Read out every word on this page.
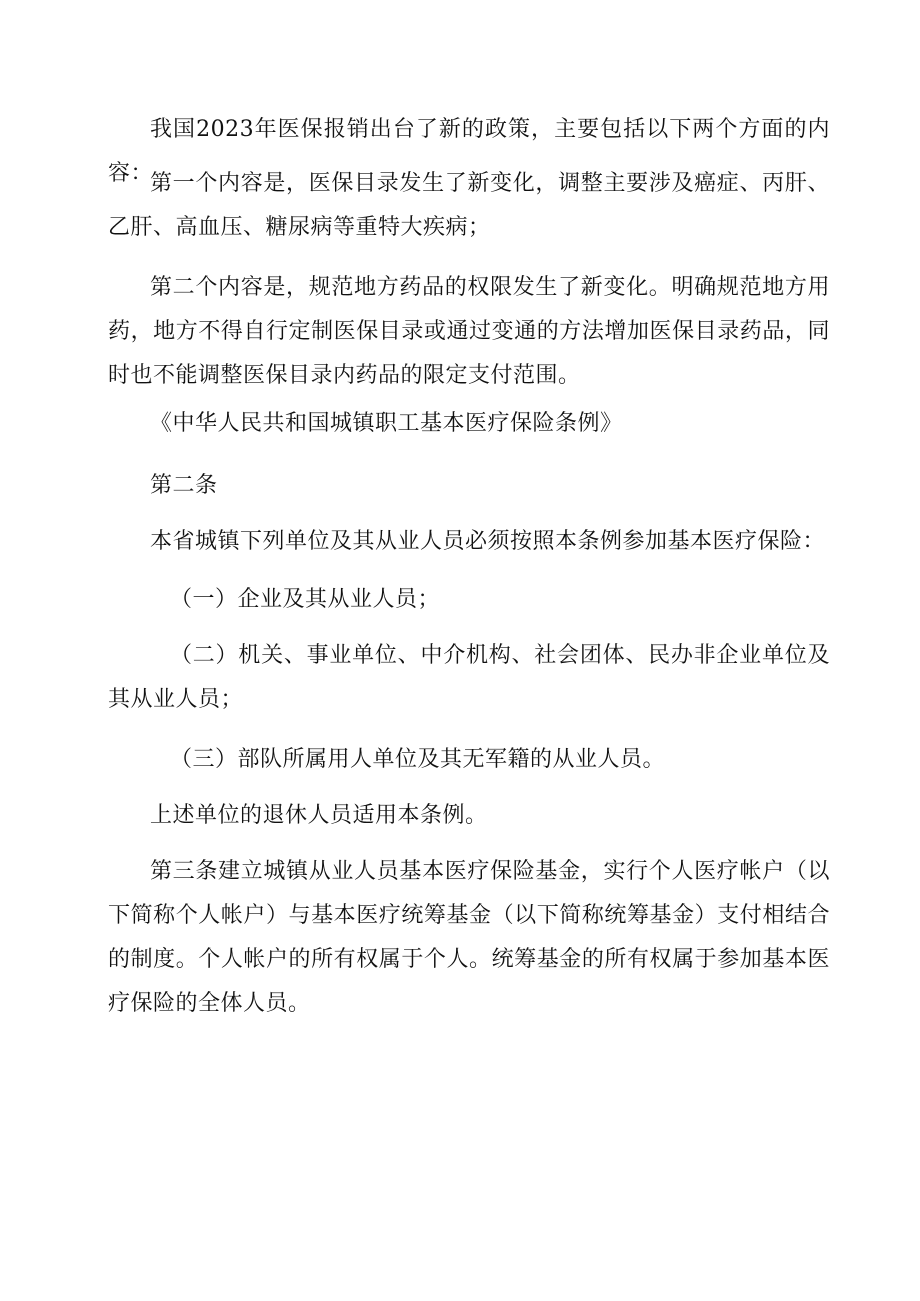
我国2023年医保报销出台了新的政策，主要包括以下两个方面的内容：

第一个内容是，医保目录发生了新变化，调整主要涉及癌症、丙肝、乙肝、高血压、糖尿病等重特大疾病；

第二个内容是，规范地方药品的权限发生了新变化。明确规范地方用药，地方不得自行定制医保目录或通过变通的方法增加医保目录药品，同时也不能调整医保目录内药品的限定支付范围。

《中华人民共和国城镇职工基本医疗保险条例》

第二条

本省城镇下列单位及其从业人员必须按照本条例参加基本医疗保险：

（一）企业及其从业人员；

（二）机关、事业单位、中介机构、社会团体、民办非企业单位及其从业人员；

（三）部队所属用人单位及其无军籍的从业人员。

上述单位的退休人员适用本条例。

第三条建立城镇从业人员基本医疗保险基金，实行个人医疗帐户（以下简称个人帐户）与基本医疗统筹基金（以下简称统筹基金）支付相结合的制度。个人帐户的所有权属于个人。统筹基金的所有权属于参加基本医疗保险的全体人员。
